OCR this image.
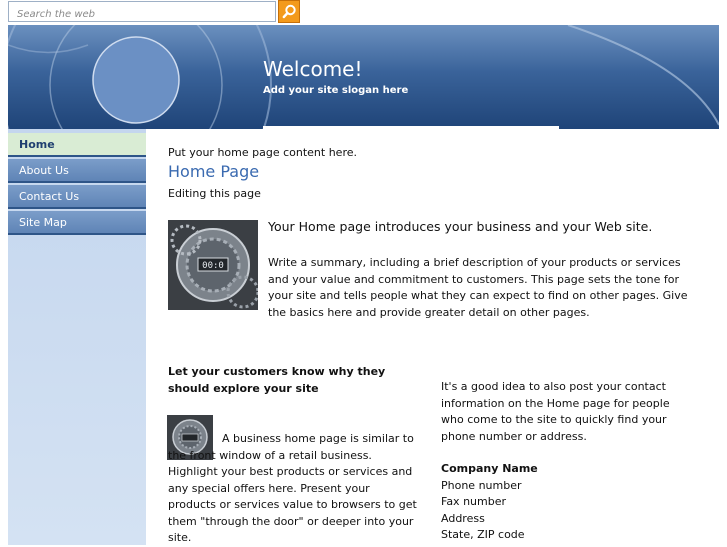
Search the web
Welcome!
Add your site slogan here
Home
About Us
Contact Us
Site Map
Put your home page content here.
Home Page
Editing this page
00:0
Your Home page introduces your business and your Web site.
Write a summary, including a brief description of your products or services and your value and commitment to customers. This page sets the tone for your site and tells people what they can expect to find on other pages. Give the basics here and provide greater detail on other pages.
Let your customers know why they should explore your site
A business home page is similar to the front window of a retail business. Highlight your best products or services and any special offers here. Present your products or services value to browsers to get them "through the door" or deeper into your site.
It's a good idea to also post your contact information on the Home page for people who come to the site to quickly find your phone number or address.
Company Name
Phone number
Fax number
Address
State, ZIP code
